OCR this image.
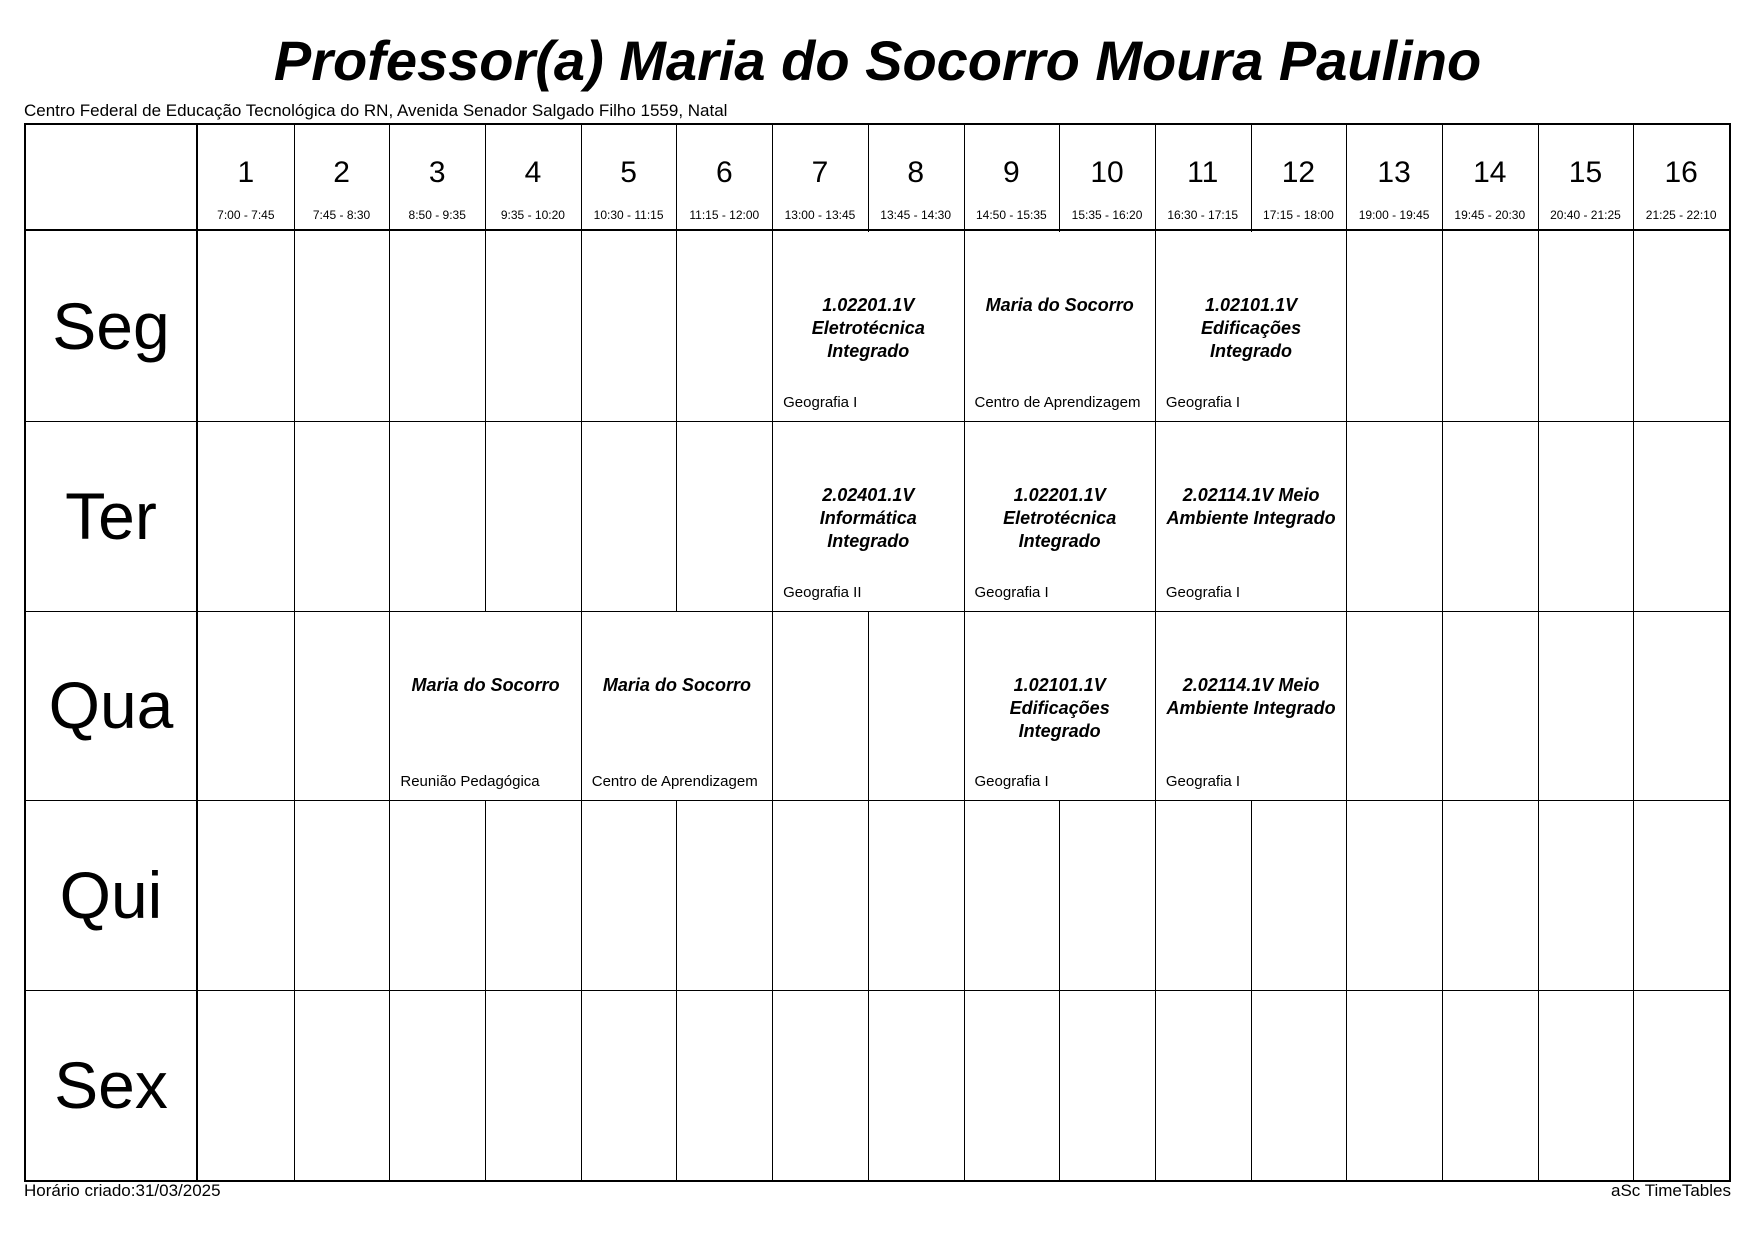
Professor(a) Maria do Socorro Moura Paulino
Centro Federal de Educação Tecnológica do RN, Avenida Senador Salgado Filho 1559, Natal
1
7:00 - 7:45
2
7:45 - 8:30
3
8:50 - 9:35
4
9:35 - 10:20
5
10:30 - 11:15
6
11:15 - 12:00
7
13:00 - 13:45
8
13:45 - 14:30
9
14:50 - 15:35
10
15:35 - 16:20
11
16:30 - 17:15
12
17:15 - 18:00
13
19:00 - 19:45
14
19:45 - 20:30
15
20:40 - 21:25
16
21:25 - 22:10
Seg
Ter
Qua
Qui
Sex
1.02201.1V Eletrotécnica Integrado
Geografia I
Maria do Socorro
Centro de Aprendizagem
1.02101.1V Edificações Integrado
Geografia I
2.02401.1V Informática Integrado
Geografia II
1.02201.1V Eletrotécnica Integrado
Geografia I
2.02114.1V Meio Ambiente Integrado
Geografia I
Maria do Socorro
Reunião Pedagógica
Maria do Socorro
Centro de Aprendizagem
1.02101.1V Edificações Integrado
Geografia I
2.02114.1V Meio Ambiente Integrado
Geografia I
Horário criado:31/03/2025	aSc TimeTables
